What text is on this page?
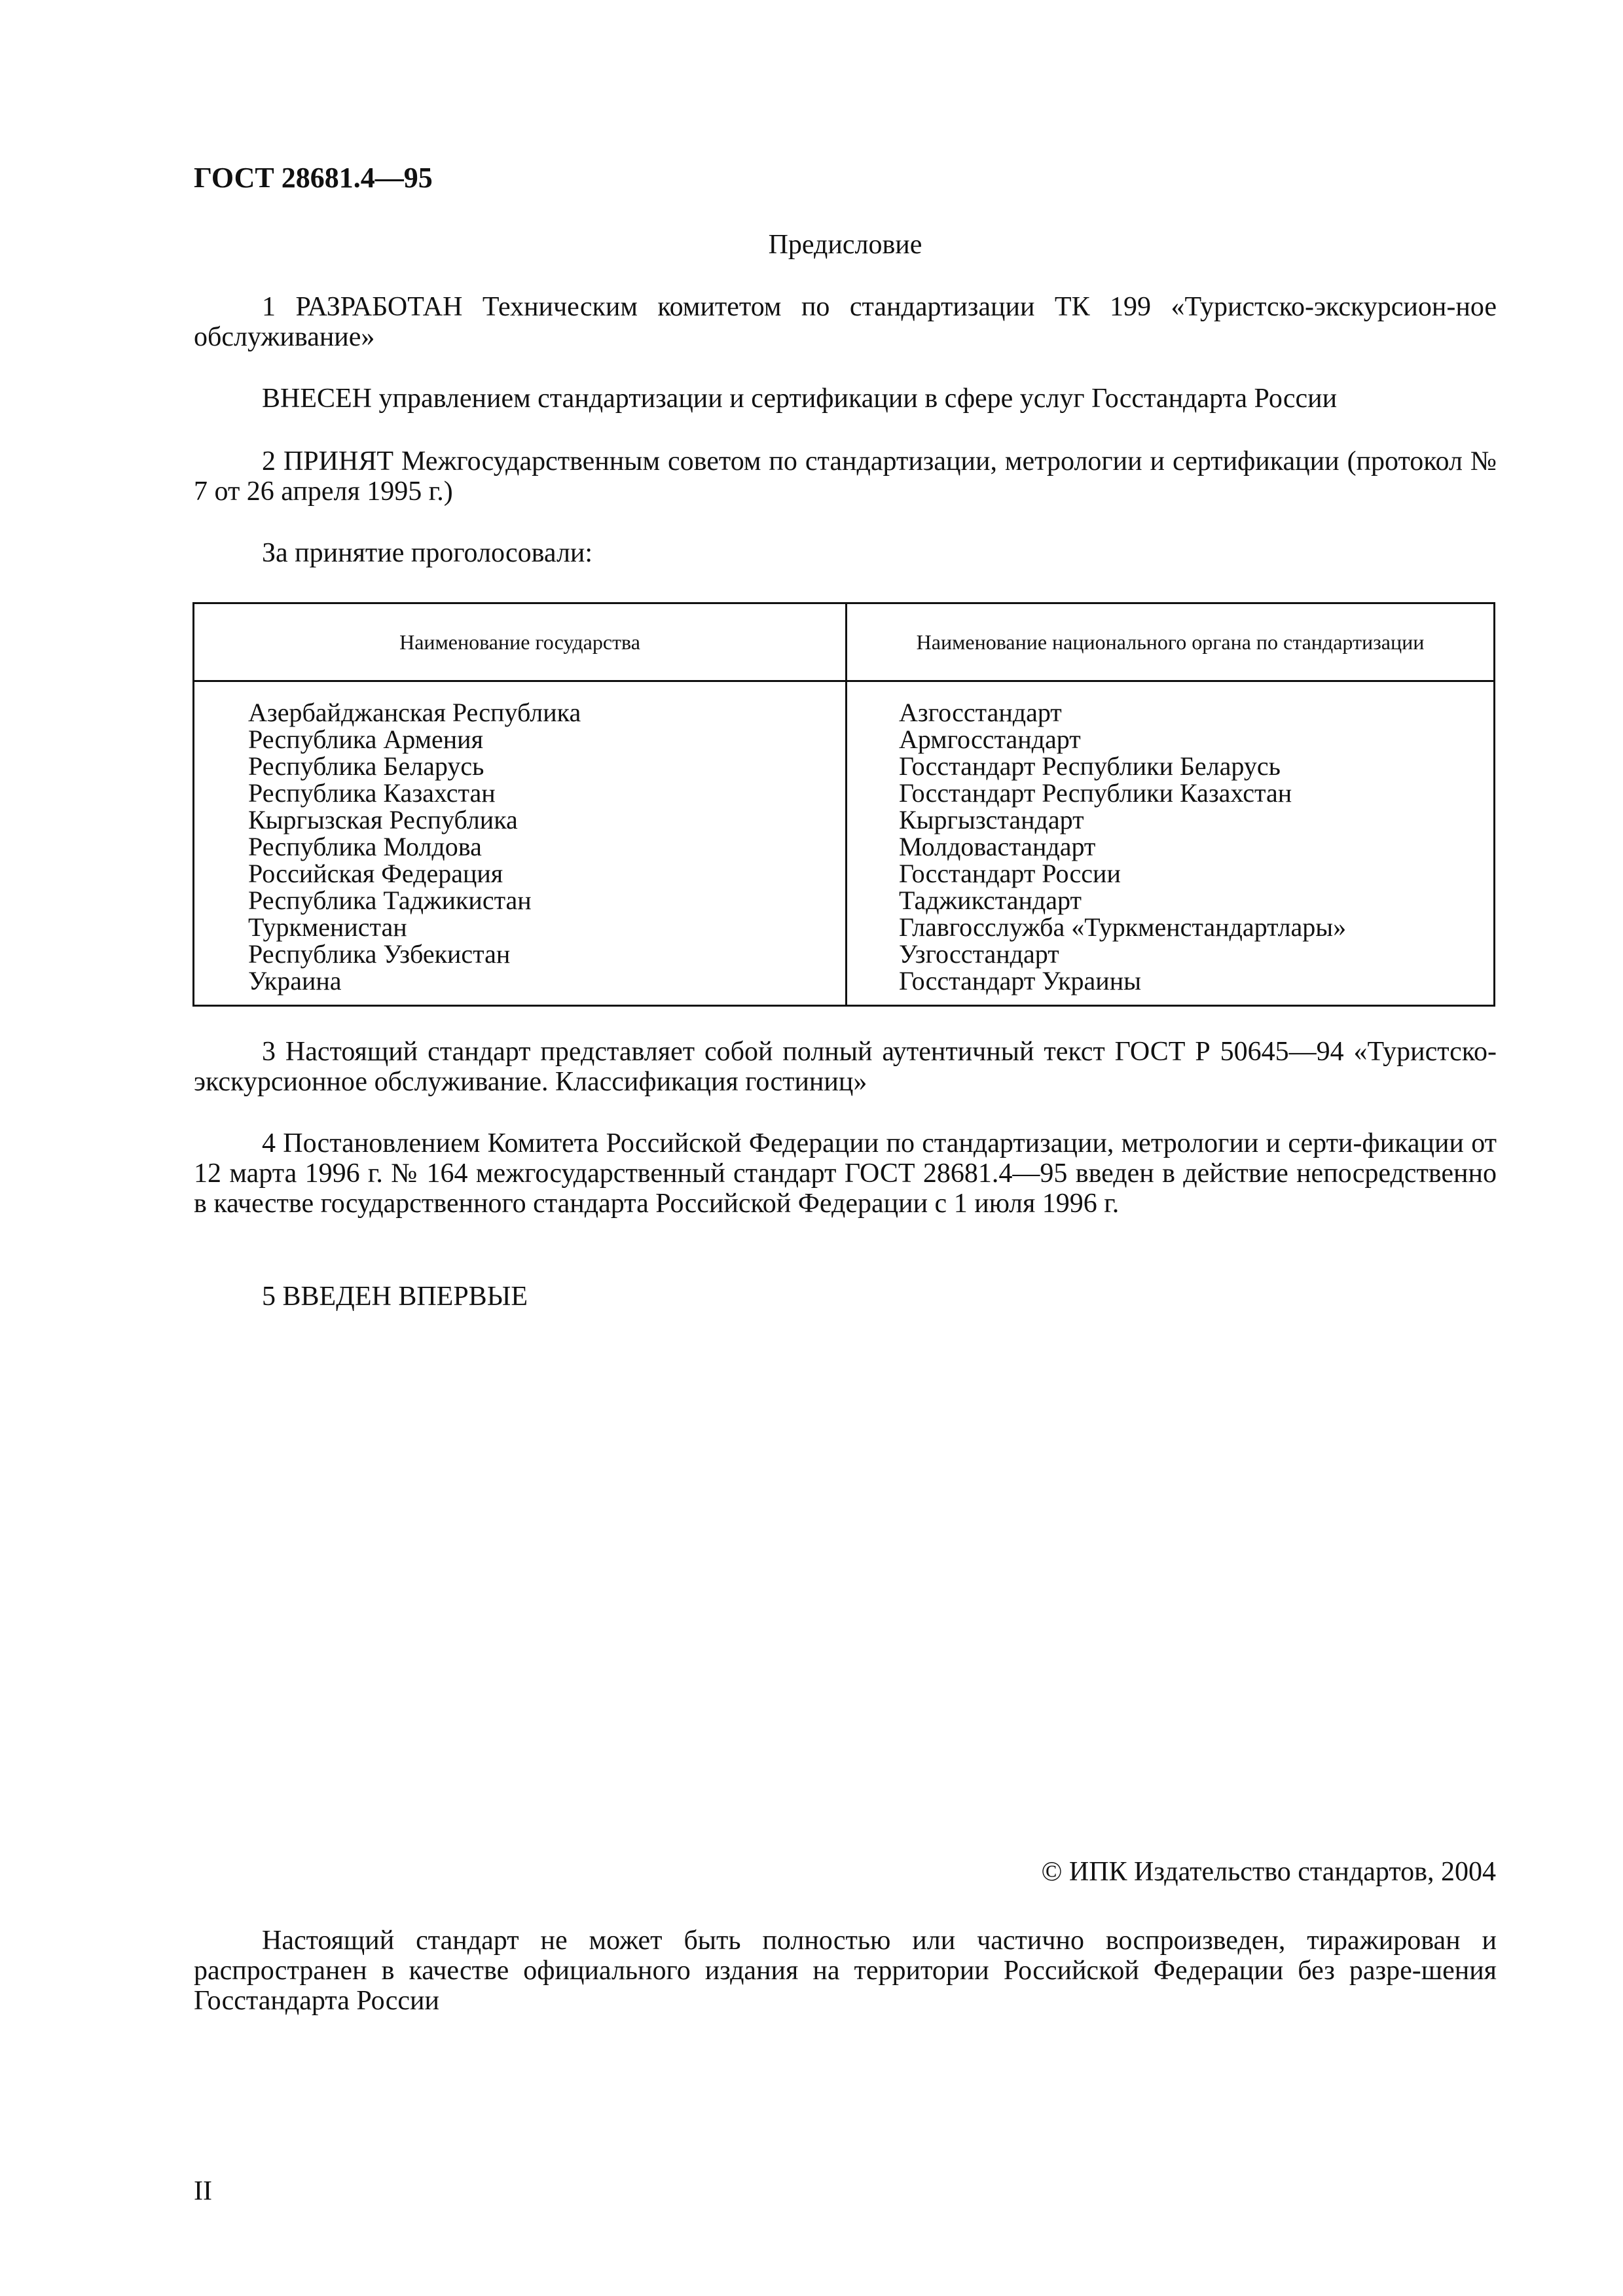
ГОСТ 28681.4—95
Предисловие
1 РАЗРАБОТАН Техническим комитетом по стандартизации ТК 199 «Туристско-экскурсион-ное обслуживание»
ВНЕСЕН управлением стандартизации и сертификации в сфере услуг Госстандарта России
2 ПРИНЯТ Межгосударственным советом по стандартизации, метрологии и сертификации (протокол № 7 от 26 апреля 1995 г.)
За принятие проголосовали:
Наименование государства	Наименование национального органа по стандартизации
Азербайджанская Республика
Республика Армения
Республика Беларусь
Республика Казахстан
Кыргызская Республика
Республика Молдова
Российская Федерация
Республика Таджикистан
Туркменистан
Республика Узбекистан
Украина
Азгосстандарт
Армгосстандарт
Госстандарт Республики Беларусь
Госстандарт Республики Казахстан
Кыргызстандарт
Молдовастандарт
Госстандарт России
Таджикстандарт
Главгосслужба «Туркменстандартлары»
Узгосстандарт
Госстандарт Украины
3 Настоящий стандарт представляет собой полный аутентичный текст ГОСТ Р 50645—94 «Туристско-экскурсионное обслуживание. Классификация гостиниц»
4 Постановлением Комитета Российской Федерации по стандартизации, метрологии и серти-фикации от 12 марта 1996 г. № 164 межгосударственный стандарт ГОСТ 28681.4—95 введен в действие непосредственно в качестве государственного стандарта Российской Федерации с 1 июля 1996 г.
5 ВВЕДЕН ВПЕРВЫЕ
© ИПК Издательство стандартов, 2004
Настоящий стандарт не может быть полностью или частично воспроизведен, тиражирован и распространен в качестве официального издания на территории Российской Федерации без разре-шения Госстандарта России
II
